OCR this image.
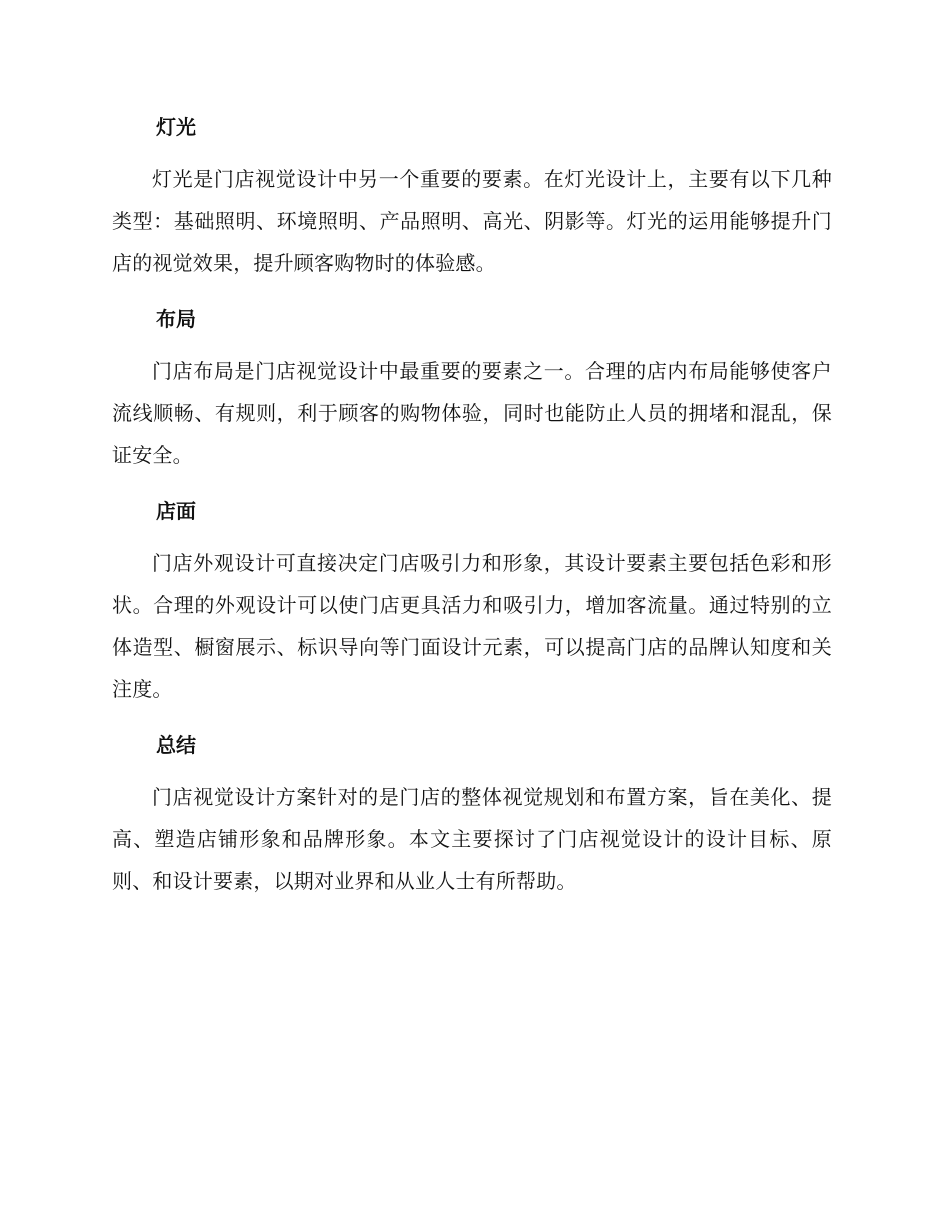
灯光

灯光是门店视觉设计中另一个重要的要素。在灯光设计上，主要有以下几种类型：基础照明、环境照明、产品照明、高光、阴影等。灯光的运用能够提升门店的视觉效果，提升顾客购物时的体验感。

布局

门店布局是门店视觉设计中最重要的要素之一。合理的店内布局能够使客户流线顺畅、有规则，利于顾客的购物体验，同时也能防止人员的拥堵和混乱，保证安全。

店面

门店外观设计可直接决定门店吸引力和形象，其设计要素主要包括色彩和形状。合理的外观设计可以使门店更具活力和吸引力，增加客流量。通过特别的立体造型、橱窗展示、标识导向等门面设计元素，可以提高门店的品牌认知度和关注度。

总结

门店视觉设计方案针对的是门店的整体视觉规划和布置方案，旨在美化、提高、塑造店铺形象和品牌形象。本文主要探讨了门店视觉设计的设计目标、原则、和设计要素，以期对业界和从业人士有所帮助。
